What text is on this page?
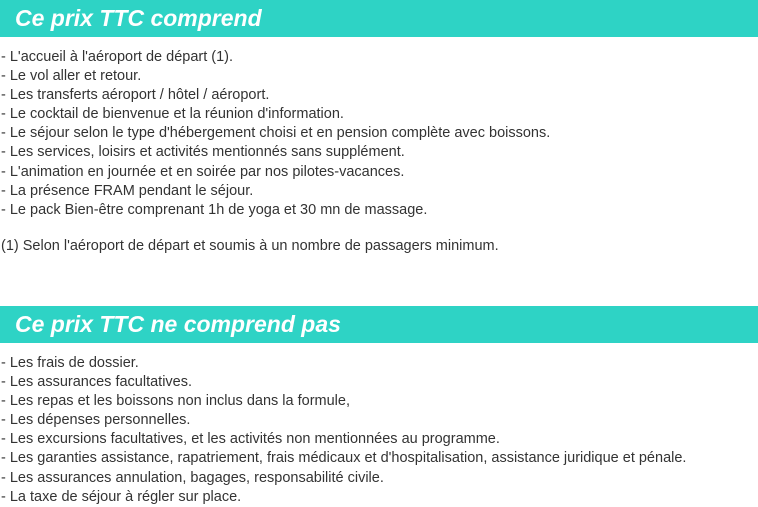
Ce prix TTC comprend
- L'accueil à l'aéroport de départ (1).
- Le vol aller et retour.
- Les transferts aéroport / hôtel / aéroport.
- Le cocktail de bienvenue et la réunion d'information.
- Le séjour selon le type d'hébergement choisi et en pension complète avec boissons.
- Les services, loisirs et activités mentionnés sans supplément.
- L'animation en journée et en soirée par nos pilotes-vacances.
- La présence FRAM pendant le séjour.
- Le pack Bien-être comprenant 1h de yoga et 30 mn de massage.

(1) Selon l'aéroport de départ et soumis à un nombre de passagers minimum.

Ce prix TTC ne comprend pas
- Les frais de dossier.
- Les assurances facultatives.
- Les repas et les boissons non inclus dans la formule,
- Les dépenses personnelles.
- Les excursions facultatives, et les activités non mentionnées au programme.
- Les garanties assistance, rapatriement, frais médicaux et d'hospitalisation, assistance juridique et pénale.
- Les assurances annulation, bagages, responsabilité civile.
- La taxe de séjour à régler sur place.
